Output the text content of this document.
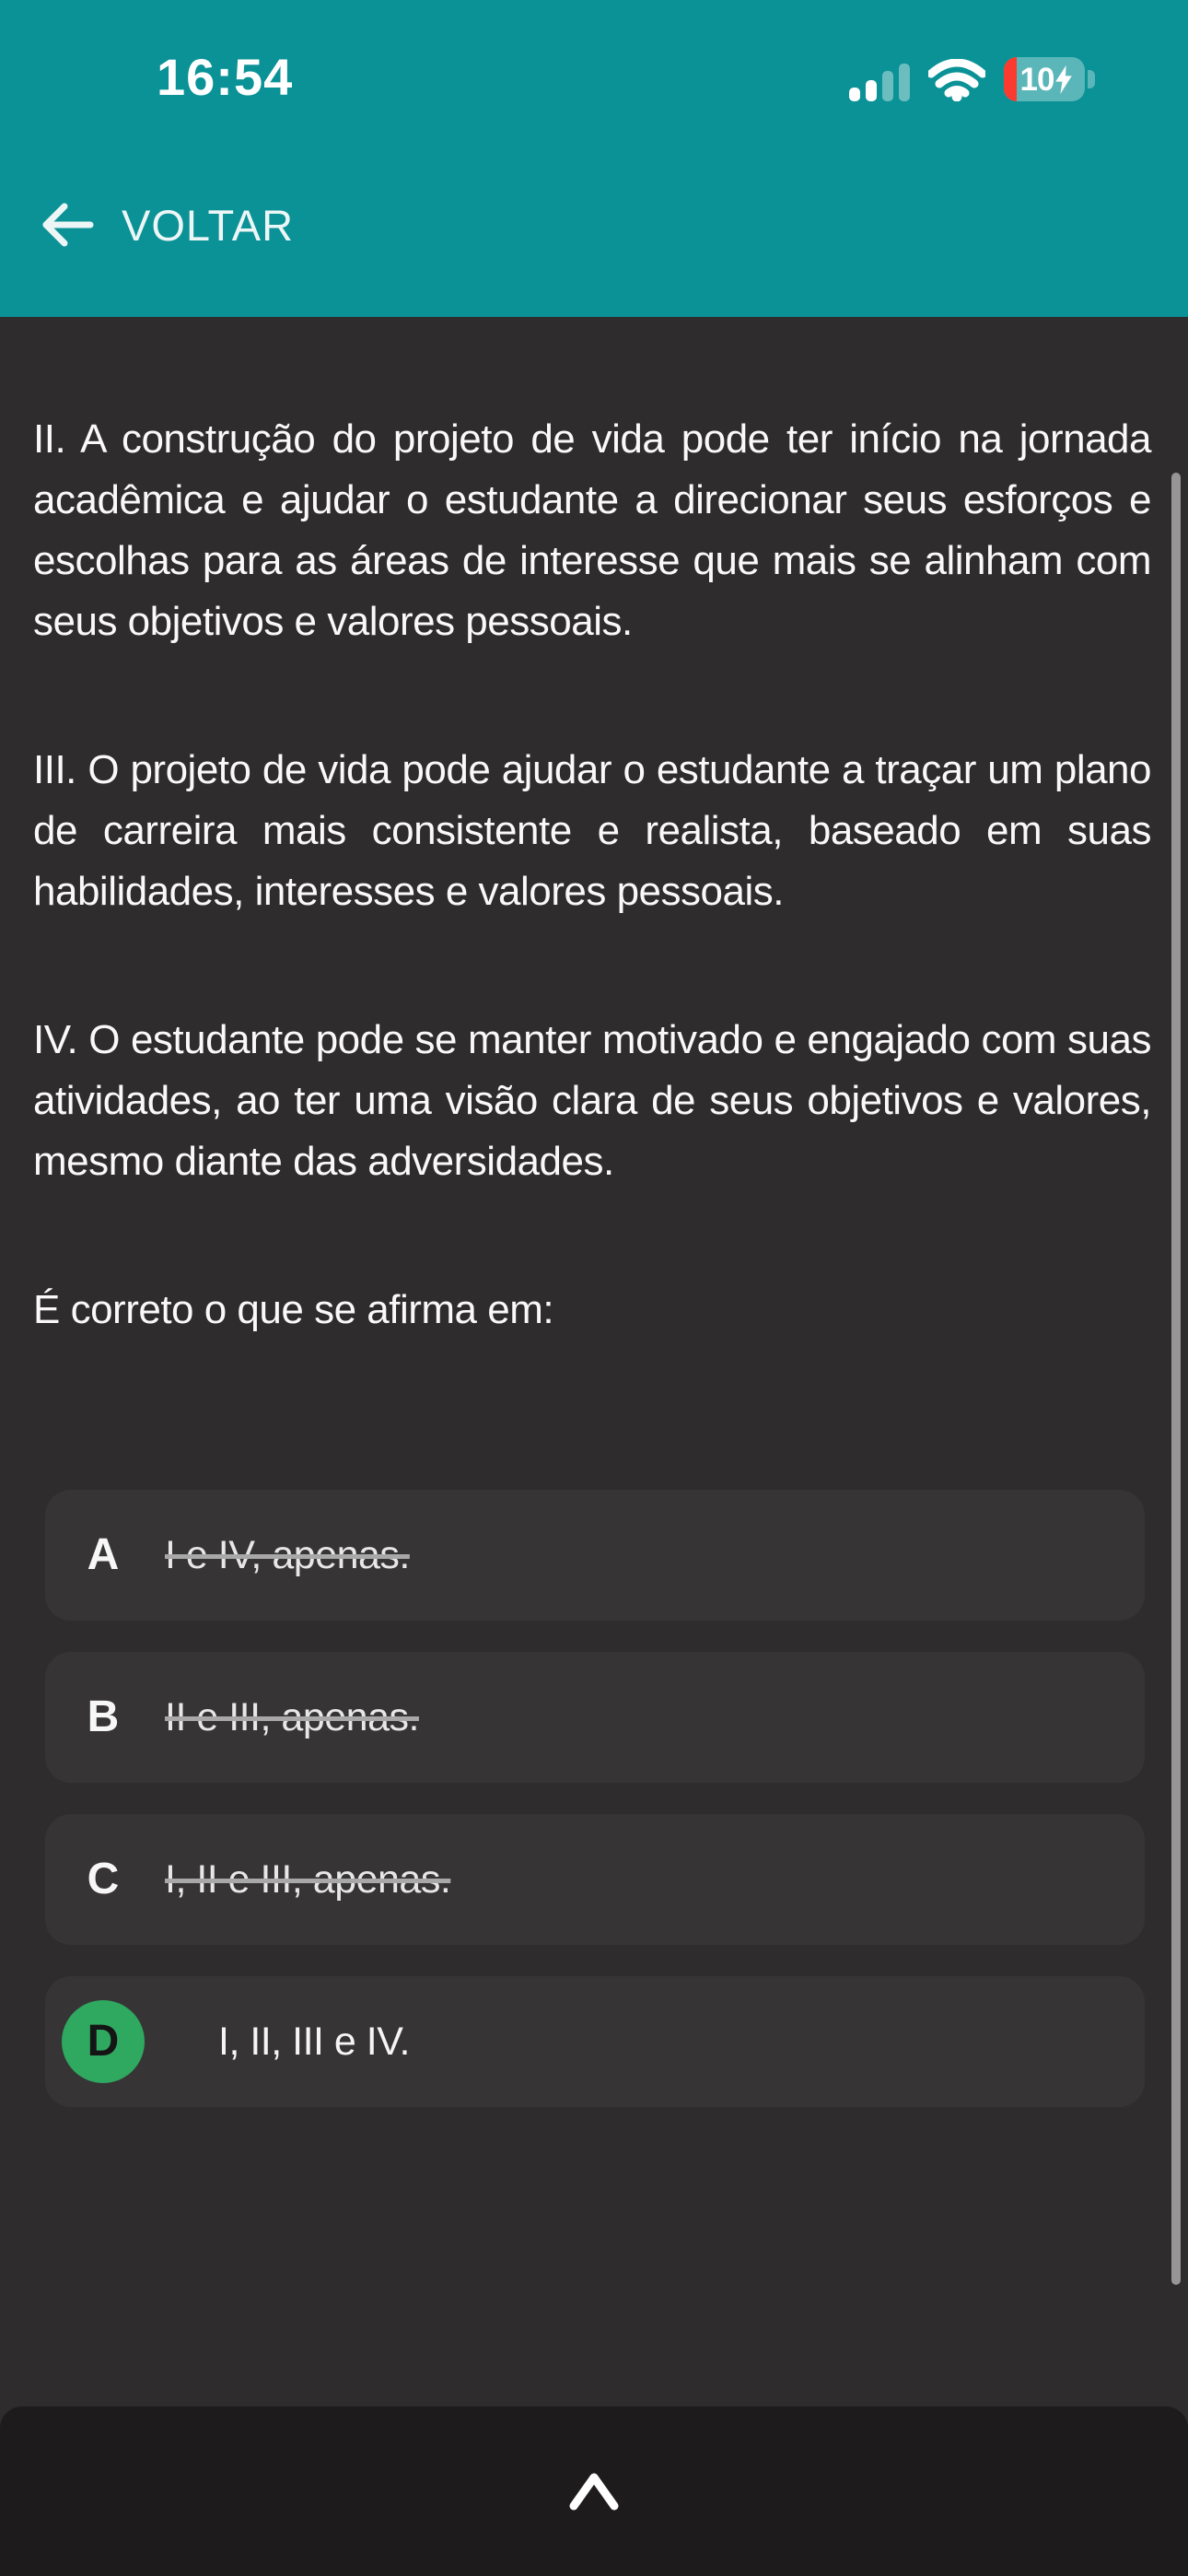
16:54	10
VOLTAR

II. A construção do projeto de vida pode ter início na jornada acadêmica e ajudar o estudante a direcionar seus esforços e escolhas para as áreas de interesse que mais se alinham com seus objetivos e valores pessoais.

III. O projeto de vida pode ajudar o estudante a traçar um plano de carreira mais consistente e realista, baseado em suas habilidades, interesses e valores pessoais.

IV. O estudante pode se manter motivado e engajado com suas atividades, ao ter uma visão clara de seus objetivos e valores, mesmo diante das adversidades.

É correto o que se afirma em:

A	I e IV, apenas.
B	II e III, apenas.
C	I, II e III, apenas.
D	I, II, III e IV.
